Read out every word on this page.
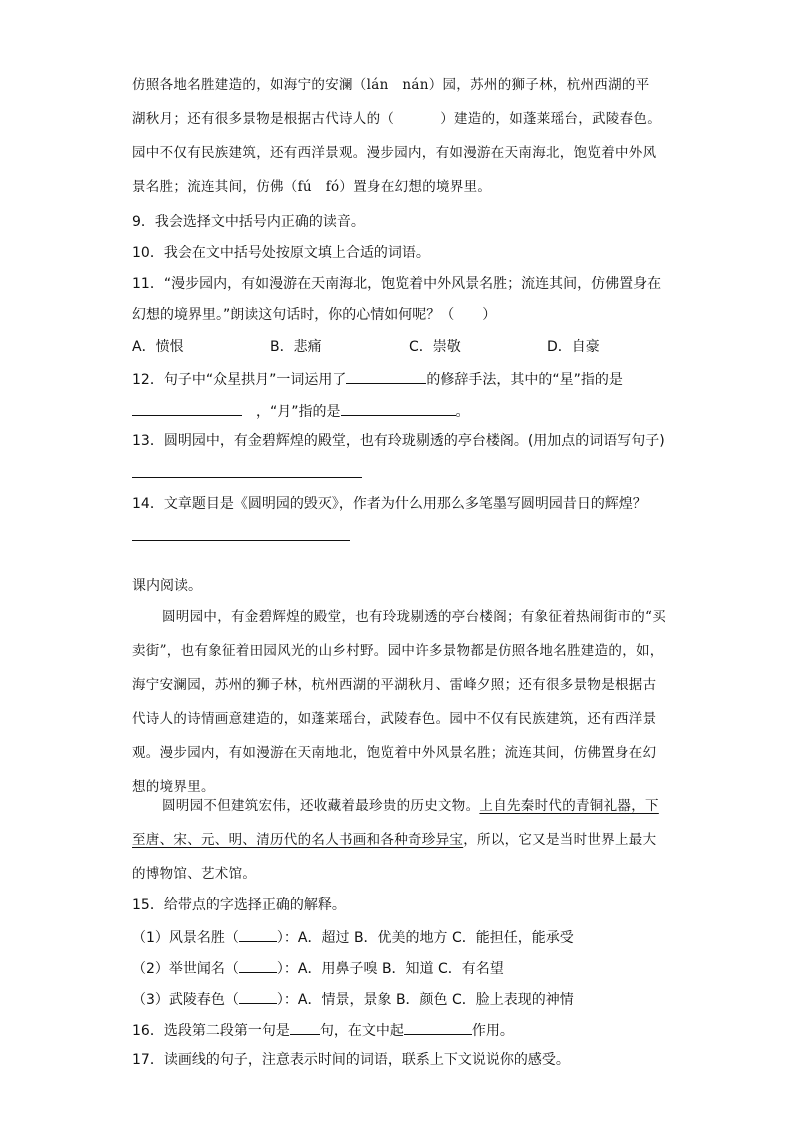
仿照各地名胜建造的，如海宁的安澜（lán　nán）园，苏州的狮子林，杭州西湖的平
湖秋月；还有很多景物是根据古代诗人的（	）建造的，如蓬莱瑶台，武陵春色。
园中不仅有民族建筑，还有西洋景观。漫步园内，有如漫游在天南海北，饱览着中外风
景名胜；流连其间，仿佛（fú　fó）置身在幻想的境界里。
9．我会选择文中括号内正确的读音。
10．我会在文中括号处按原文填上合适的词语。
11．“漫步园内，有如漫游在天南海北，饱览着中外风景名胜；流连其间，仿佛置身在
幻想的境界里。”朗读这句话时，你的心情如何呢？（　　）
A．愤恨	B．悲痛	C．崇敬	D．自豪
12．句子中“众星拱月”一词运用了	的修辞手法，其中的“星”指的是
，“月”指的是	。
13．圆明园中，有金碧辉煌的殿堂，也有玲珑剔透的亭台楼阁。(用加点的词语写句子)
14．文章题目是《圆明园的毁灭》，作者为什么用那么多笔墨写圆明园昔日的辉煌？
课内阅读。
圆明园中，有金碧辉煌的殿堂，也有玲珑剔透的亭台楼阁；有象征着热闹街市的“买
卖街”，也有象征着田园风光的山乡村野。园中许多景物都是仿照各地名胜建造的，如，
海宁安澜园，苏州的狮子林，杭州西湖的平湖秋月、雷峰夕照；还有很多景物是根据古
代诗人的诗情画意建造的，如蓬莱瑶台，武陵春色。园中不仅有民族建筑，还有西洋景
观。漫步园内，有如漫游在天南地北，饱览着中外风景名胜；流连其间，仿佛置身在幻
想的境界里。
圆明园不但建筑宏伟，还收藏着最珍贵的历史文物。上自先秦时代的青铜礼器，下
至唐、宋、元、明、清历代的名人书画和各种奇珍异宝，所以，它又是当时世界上最大
的博物馆、艺术馆。
15．给带点的字选择正确的解释。
（1）风景名胜（	）：A．超过 B．优美的地方 C．能担任，能承受
（2）举世闻名（	）：A．用鼻子嗅 B．知道 C．有名望
（3）武陵春色（	）：A．情景，景象 B．颜色 C．脸上表现的神情
16．选段第二段第一句是 句，在文中起	作用。
17．读画线的句子，注意表示时间的词语，联系上下文说说你的感受。
